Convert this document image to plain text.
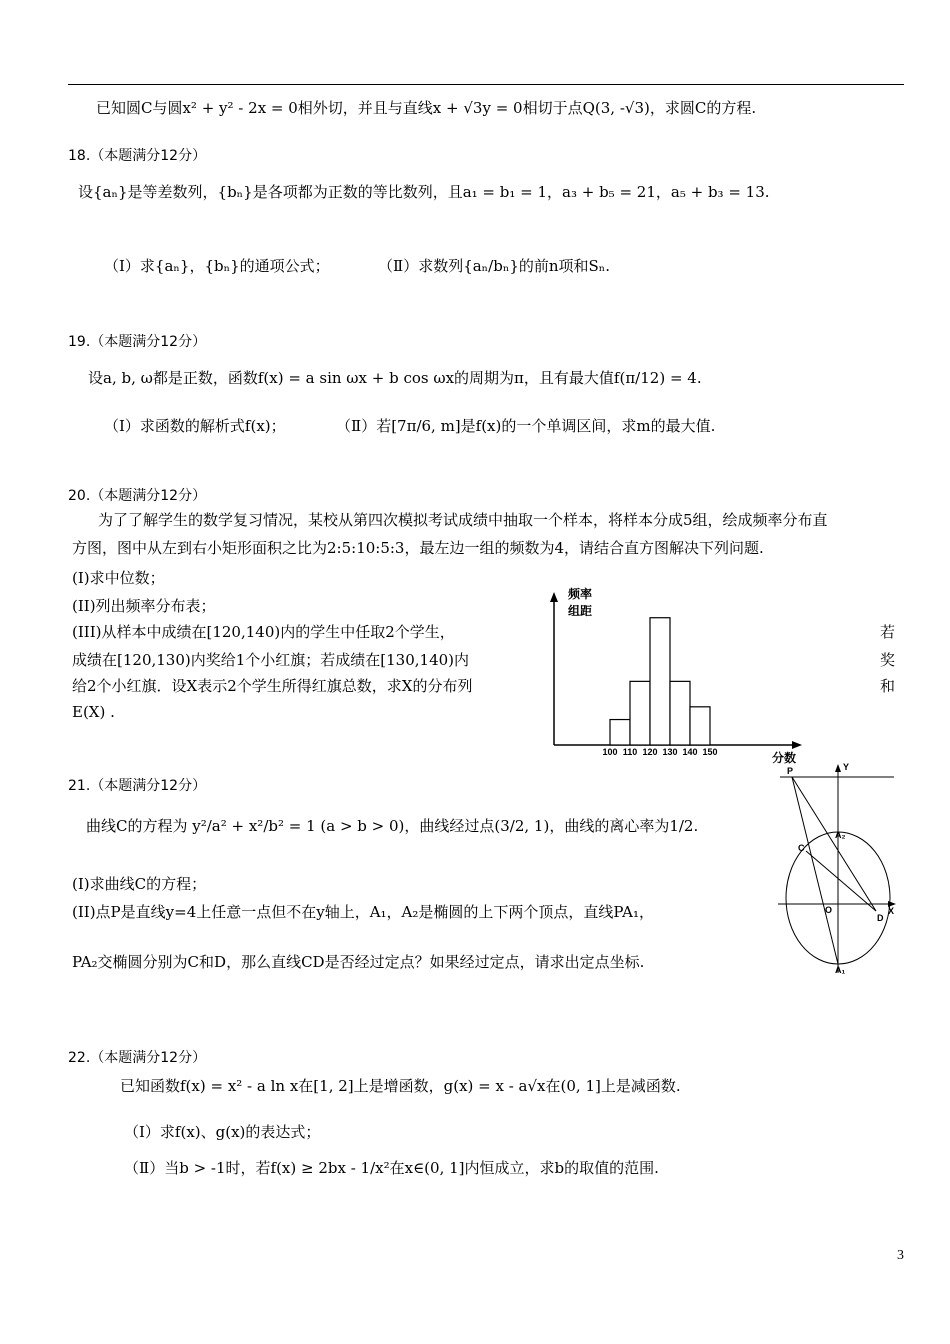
已知圆C与圆x² + y² - 2x = 0相外切，并且与直线x + √3y = 0相切于点Q(3, -√3)，求圆C的方程.
18.（本题满分12分）
设{aₙ}是等差数列，{bₙ}是各项都为正数的等比数列，且a₁ = b₁ = 1，a₃ + b₅ = 21，a₅ + b₃ = 13.
（Ⅰ）求{aₙ}，{bₙ}的通项公式；	（Ⅱ）求数列{aₙ/bₙ}的前n项和Sₙ.
19.（本题满分12分）
设a, b, ω都是正数，函数f(x) = a sin ωx + b cos ωx的周期为π，且有最大值f(π/12) = 4.
（Ⅰ）求函数的解析式f(x)；	（Ⅱ）若[7π/6, m]是f(x)的一个单调区间，求m的最大值.
20.（本题满分12分）
为了了解学生的数学复习情况，某校从第四次模拟考试成绩中抽取一个样本，将样本分成5组，绘成频率分布直
方图，图中从左到右小矩形面积之比为2:5:10:5:3，最左边一组的频数为4，请结合直方图解决下列问题.
(I)求中位数；
(II)列出频率分布表；
(III)从样本中成绩在[120,140)内的学生中任取2个学生，
成绩在[120,130)内奖给1个小红旗；若成绩在[130,140)内
给2个小红旗．设X表示2个学生所得红旗总数，求X的分布列
E(X) .
若
奖
和
频率
组距
分数
100 110 120 130 140 150
21.（本题满分12分）
曲线C的方程为 y²/a² + x²/b² = 1 (a > b > 0)，曲线经过点(3/2, 1)，曲线的离心率为1/2.
(I)求曲线C的方程；
(II)点P是直线y=4上任意一点但不在y轴上，A₁，A₂是椭圆的上下两个顶点，直线PA₁，
PA₂交椭圆分别为C和D，那么直线CD是否经过定点？如果经过定点，请求出定点坐标.
P	Y
X
A₂
A₁
C
D
O
22.（本题满分12分）
已知函数f(x) = x² - a ln x在[1, 2]上是增函数，g(x) = x - a√x在(0, 1]上是减函数.
（Ⅰ）求f(x)、g(x)的表达式；
（Ⅱ）当b > -1时，若f(x) ≥ 2bx - 1/x²在x∈(0, 1]内恒成立，求b的取值的范围.
3
